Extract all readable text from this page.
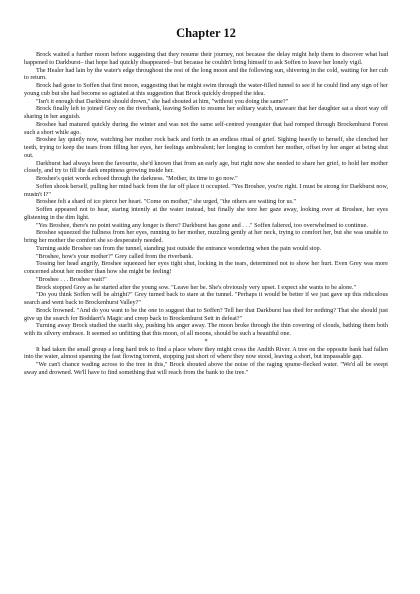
Chapter 12

Brock waited a further moon before suggesting that they resume their journey, not because the delay might help them to discover what had happened to Darkburst– that hope had quickly disappeared– but because he couldn't bring himself to ask Soffen to leave her lonely vigil.

The Healer had lain by the water's edge throughout the rest of the long moon and the following sun, shivering in the cold, waiting for her cub to return.

Brock had gone to Soffen that first moon, suggesting that he might swim through the water-filled tunnel to see if he could find any sign of her young cub but she had become so agitated at this suggestion that Brock quickly dropped the idea.

"Isn't it enough that Darkburst should drown," she had shouted at him, "without you doing the same?"

Brock finally left to joined Grey on the riverbank, leaving Soffen to resume her solitary watch, unaware that her daughter sat a short way off sharing in her anguish.

Broshee had matured quickly during the winter and was not the same self-centred youngster that had romped through Brockenhurst Forest such a short while ago.

Broshee lay quietly now, watching her mother rock back and forth in an endless ritual of grief. Sighing heavily to herself, she clenched her teeth, trying to keep the tears from filling her eyes, her feelings ambivalent; her longing to comfort her mother, offset by her anger at being shut out.

Darkburst had always been the favourite, she'd known that from an early age, but right now she needed to share her grief, to hold her mother closely, and try to fill the dark emptiness growing inside her.

Broshee's quiet words echoed through the darkness. "Mother, its time to go now."

Soffen shook herself, pulling her mind back from the far off place it occupied. "Yes Broshee, you're right. I must be strong for Darkburst now, mustn't I?"

Broshee felt a shard of ice pierce her heart. "Come on mother," she urged, "the others are waiting for us."

Soffen appeared not to hear, staring intently at the water instead, but finally she tore her gaze away, looking over at Broshee, her eyes glistening in the dim light.

"Yes Broshee, there's no point waiting any longer is there? Darkburst has gone and . . ." Soffen faltered, too overwhelmed to continue.

Broshee squeezed the fullness from her eyes, running to her mother, nuzzling gently at her neck, trying to comfort her, but she was unable to bring her mother the comfort she so desperately needed.

Turning aside Broshee ran from the tunnel, standing just outside the entrance wondering when the pain would stop.

"Broshee, how's your mother?" Grey called from the riverbank.

Tossing her head angrily, Broshee squeezed her eyes tight shut, locking in the tears, determined not to show her hurt. Even Grey was more concerned about her mother than how she might be feeling!

"Broshee . . . Broshee wait!"

Brock stopped Grey as he started after the young sow. "Leave her be. She's obviously very upset. I expect she wants to be alone."

"Do you think Soffen will be alright?" Grey turned back to stare at the tunnel. "Perhaps it would be better if we just gave up this ridiculous search and went back to Brockenhurst Valley?"

Brock frowned. "And do you want to be the one to suggest that to Soffen? Tell her that Darkburst has died for nothing? That she should just give up the search for Boddaert's Magic and creep back to Brockenhurst Sett in defeat?"

Turning away Brock studied the starlit sky, pushing his anger away. The moon broke through the thin covering of clouds, bathing them both with its silvery embrace. It seemed so unfitting that this moon, of all moons, should be such a beautiful one.

*

It had taken the small group a long hard trek to find a place where they might cross the Andith River. A tree on the opposite bank had fallen into the water, almost spanning the fast flowing torrent, stopping just short of where they now stood, leaving a short, but impassable gap.

"We can't chance wading across to the tree in this," Brock shouted above the noise of the raging spume-flecked water. "We'd all be swept away and drowned. We'll have to find something that will reach from the bank to the tree."
